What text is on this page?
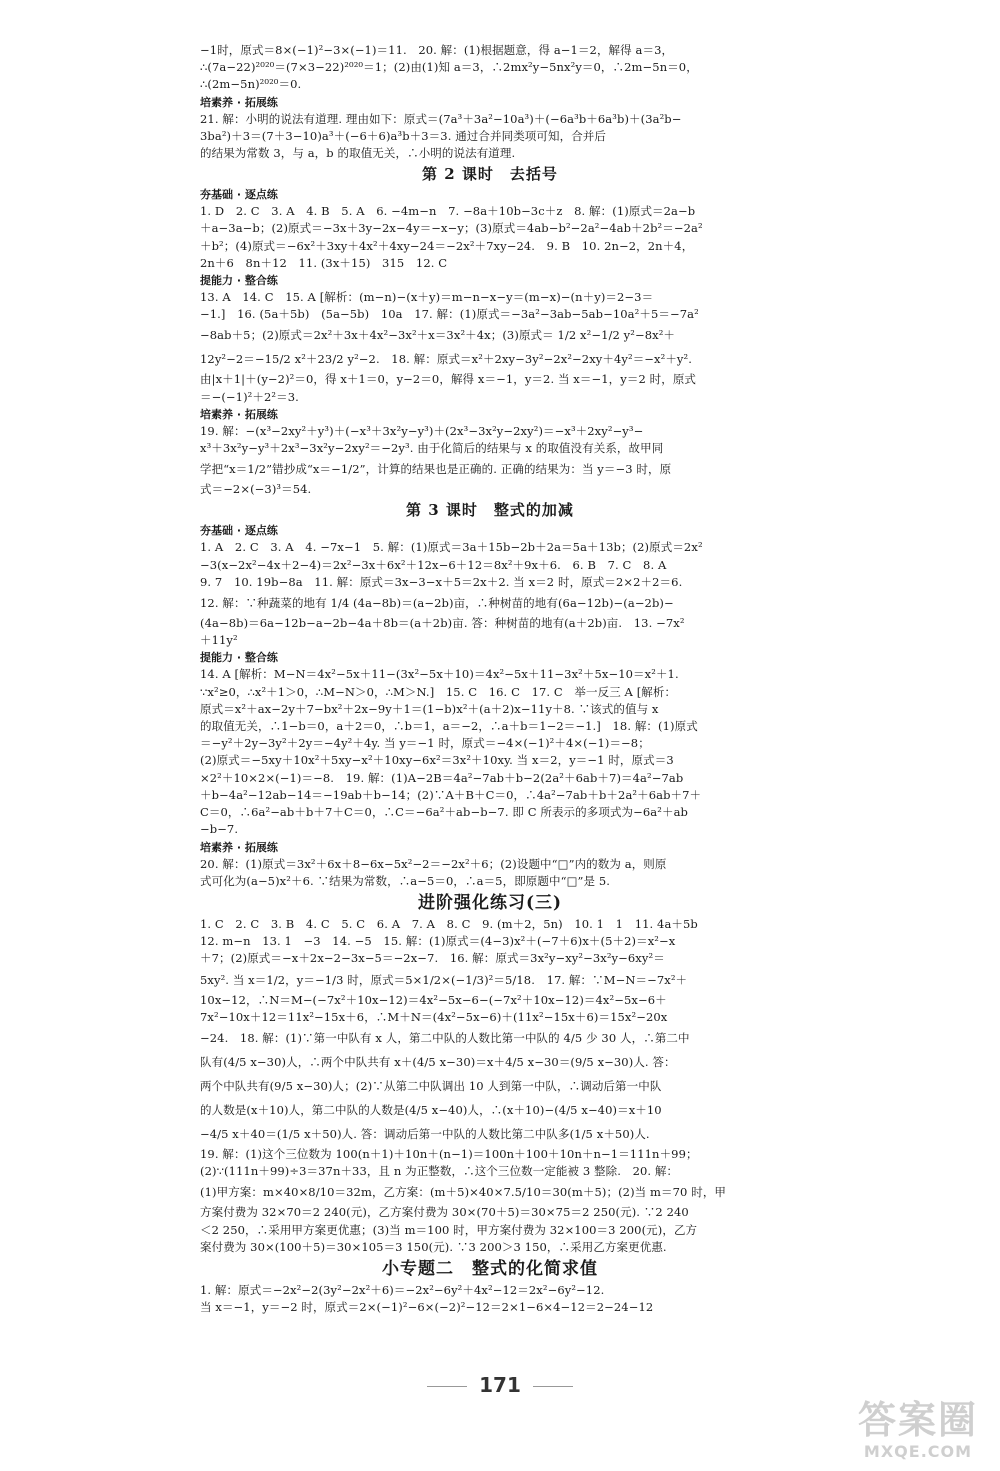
−1时，原式＝8×(−1)²−3×(−1)＝11.　20. 解：(1)根据题意，得 a−1＝2，解得 a＝3，
∴(7a−22)²⁰²⁰＝(7×3−22)²⁰²⁰＝1；(2)由(1)知 a＝3，∴2mx²y−5nx²y＝0，∴2m−5n＝0，
∴(2m−5n)²⁰²⁰＝0.
培素养 · 拓展练
21. 解：小明的说法有道理. 理由如下：原式＝(7a³＋3a²−10a³)＋(−6a³b＋6a³b)＋(3a²b−
3ba²)＋3＝(7＋3−10)a³＋(−6＋6)a³b＋3＝3. 通过合并同类项可知，合并后
的结果为常数 3，与 a，b 的取值无关，∴小明的说法有道理.
第 2 课时　去括号
夯基础 · 逐点练
1. D　2. C　3. A　4. B　5. A　6. −4m−n　7. −8a＋10b−3c＋z　8. 解：(1)原式＝2a−b
＋a−3a−b；(2)原式＝−3x＋3y−2x−4y＝−x−y；(3)原式＝4ab−b²−2a²−4ab＋2b²＝−2a²
＋b²；(4)原式＝−6x²＋3xy＋4x²＋4xy−24＝−2x²＋7xy−24.　9. B　10. 2n−2，2n＋4，
2n＋6　8n＋12　11. (3x＋15)　315　12. C
提能力 · 整合练
13. A　14. C　15. A [解析：(m−n)−(x＋y)＝m−n−x−y＝(m−x)−(n＋y)＝2−3＝
−1.]　16. (5a＋5b)　(5a−5b)　10a　17. 解：(1)原式＝−3a²−3ab−5ab−10a²＋5＝−7a²
−8ab＋5；(2)原式＝2x²＋3x＋4x²−3x²＋x＝3x²＋4x；(3)原式＝ 1/2 x²−1/2 y²−8x²＋
12y²−2＝−15/2 x²＋23/2 y²−2.　18. 解：原式＝x²＋2xy−3y²−2x²−2xy＋4y²＝−x²＋y².
由|x＋1|＋(y−2)²＝0，得 x＋1＝0，y−2＝0，解得 x＝−1，y＝2. 当 x＝−1，y＝2 时，原式
＝−(−1)²＋2²＝3.
培素养 · 拓展练
19. 解：−(x³−2xy²＋y³)＋(−x³＋3x²y−y³)＋(2x³−3x²y−2xy²)＝−x³＋2xy²−y³−
x³＋3x²y−y³＋2x³−3x²y−2xy²＝−2y³. 由于化简后的结果与 x 的取值没有关系，故甲同
学把“x＝1/2”错抄成“x＝−1/2”，计算的结果也是正确的. 正确的结果为：当 y＝−3 时，原
式＝−2×(−3)³＝54.
第 3 课时　整式的加减
夯基础 · 逐点练
1. A　2. C　3. A　4. −7x−1　5. 解：(1)原式＝3a＋15b−2b＋2a＝5a＋13b；(2)原式＝2x²
−3(x−2x²−4x＋2−4)＝2x²−3x＋6x²＋12x−6＋12＝8x²＋9x＋6.　6. B　7. C　8. A
9. 7　10. 19b−8a　11. 解：原式＝3x−3−x＋5＝2x＋2. 当 x＝2 时，原式＝2×2＋2＝6.
12. 解：∵种蔬菜的地有 1/4 (4a−8b)＝(a−2b)亩，∴种树苗的地有(6a−12b)−(a−2b)−
(4a−8b)＝6a−12b−a−2b−4a＋8b＝(a＋2b)亩. 答：种树苗的地有(a＋2b)亩.　13. −7x²
＋11y²
提能力 · 整合练
14. A [解析：M−N＝4x²−5x＋11−(3x²−5x＋10)＝4x²−5x＋11−3x²＋5x−10＝x²＋1.
∵x²≥0，∴x²＋1＞0，∴M−N＞0，∴M＞N.]　15. C　16. C　17. C　举一反三 A [解析：
原式＝x²＋ax−2y＋7−bx²＋2x−9y＋1＝(1−b)x²＋(a＋2)x−11y＋8. ∵该式的值与 x
的取值无关，∴1−b＝0，a＋2＝0，∴b＝1，a＝−2，∴a＋b＝1−2＝−1.]　18. 解：(1)原式
＝−y²＋2y−3y²＋2y＝−4y²＋4y. 当 y＝−1 时，原式＝−4×(−1)²＋4×(−1)＝−8；
(2)原式＝−5xy＋10x²＋5xy−x²＋10xy−6x²＝3x²＋10xy. 当 x＝2，y＝−1 时，原式＝3
×2²＋10×2×(−1)＝−8.　19. 解：(1)A−2B＝4a²−7ab＋b−2(2a²＋6ab＋7)＝4a²−7ab
＋b−4a²−12ab−14＝−19ab＋b−14；(2)∵A＋B＋C＝0，∴4a²−7ab＋b＋2a²＋6ab＋7＋
C＝0，∴6a²−ab＋b＋7＋C＝0，∴C＝−6a²＋ab−b−7. 即 C 所表示的多项式为−6a²＋ab
−b−7.
培素养 · 拓展练
20. 解：(1)原式＝3x²＋6x＋8−6x−5x²−2＝−2x²＋6；(2)设题中“□”内的数为 a，则原
式可化为(a−5)x²＋6. ∵结果为常数，∴a−5＝0，∴a＝5，即原题中“□”是 5.
进阶强化练习(三)
1. C　2. C　3. B　4. C　5. C　6. A　7. A　8. C　9. (m＋2，5n)　10. 1　1　11. 4a＋5b
12. m−n　13. 1　−3　14. −5　15. 解：(1)原式＝(4−3)x²＋(−7＋6)x＋(5＋2)＝x²−x
＋7；(2)原式＝−x＋2x−2−3x−5＝−2x−7.　16. 解：原式＝3x²y−xy²−3x²y−6xy²＝
5xy². 当 x＝1/2，y＝−1/3 时，原式＝5×1/2×(−1/3)²＝5/18.　17. 解：∵M−N＝−7x²＋
10x−12，∴N＝M−(−7x²＋10x−12)＝4x²−5x−6−(−7x²＋10x−12)＝4x²−5x−6＋
7x²−10x＋12＝11x²−15x＋6，∴M＋N＝(4x²−5x−6)＋(11x²−15x＋6)＝15x²−20x
−24.　18. 解：(1)∵第一中队有 x 人，第二中队的人数比第一中队的 4/5 少 30 人，∴第二中
队有(4/5 x−30)人，∴两个中队共有 x＋(4/5 x−30)＝x＋4/5 x−30＝(9/5 x−30)人. 答：
两个中队共有(9/5 x−30)人；(2)∵从第二中队调出 10 人到第一中队，∴调动后第一中队
的人数是(x＋10)人，第二中队的人数是(4/5 x−40)人，∴(x＋10)−(4/5 x−40)＝x＋10
−4/5 x＋40＝(1/5 x＋50)人. 答：调动后第一中队的人数比第二中队多(1/5 x＋50)人.
19. 解：(1)这个三位数为 100(n＋1)＋10n＋(n−1)＝100n＋100＋10n＋n−1＝111n＋99；
(2)∵(111n＋99)÷3＝37n＋33，且 n 为正整数，∴这个三位数一定能被 3 整除.　20. 解：
(1)甲方案：m×40×8/10＝32m，乙方案：(m＋5)×40×7.5/10＝30(m＋5)；(2)当 m＝70 时，甲
方案付费为 32×70＝2 240(元)，乙方案付费为 30×(70＋5)＝30×75＝2 250(元). ∵2 240
＜2 250，∴采用甲方案更优惠；(3)当 m＝100 时，甲方案付费为 32×100＝3 200(元)，乙方
案付费为 30×(100＋5)＝30×105＝3 150(元). ∵3 200＞3 150，∴采用乙方案更优惠.
小专题二　整式的化简求值
1. 解：原式＝−2x²−2(3y²−2x²＋6)＝−2x²−6y²＋4x²−12＝2x²−6y²−12.
当 x＝−1，y＝−2 时，原式＝2×(−1)²−6×(−2)²−12＝2×1−6×4−12＝2−24−12
171
答案圈
MXQE.COM
